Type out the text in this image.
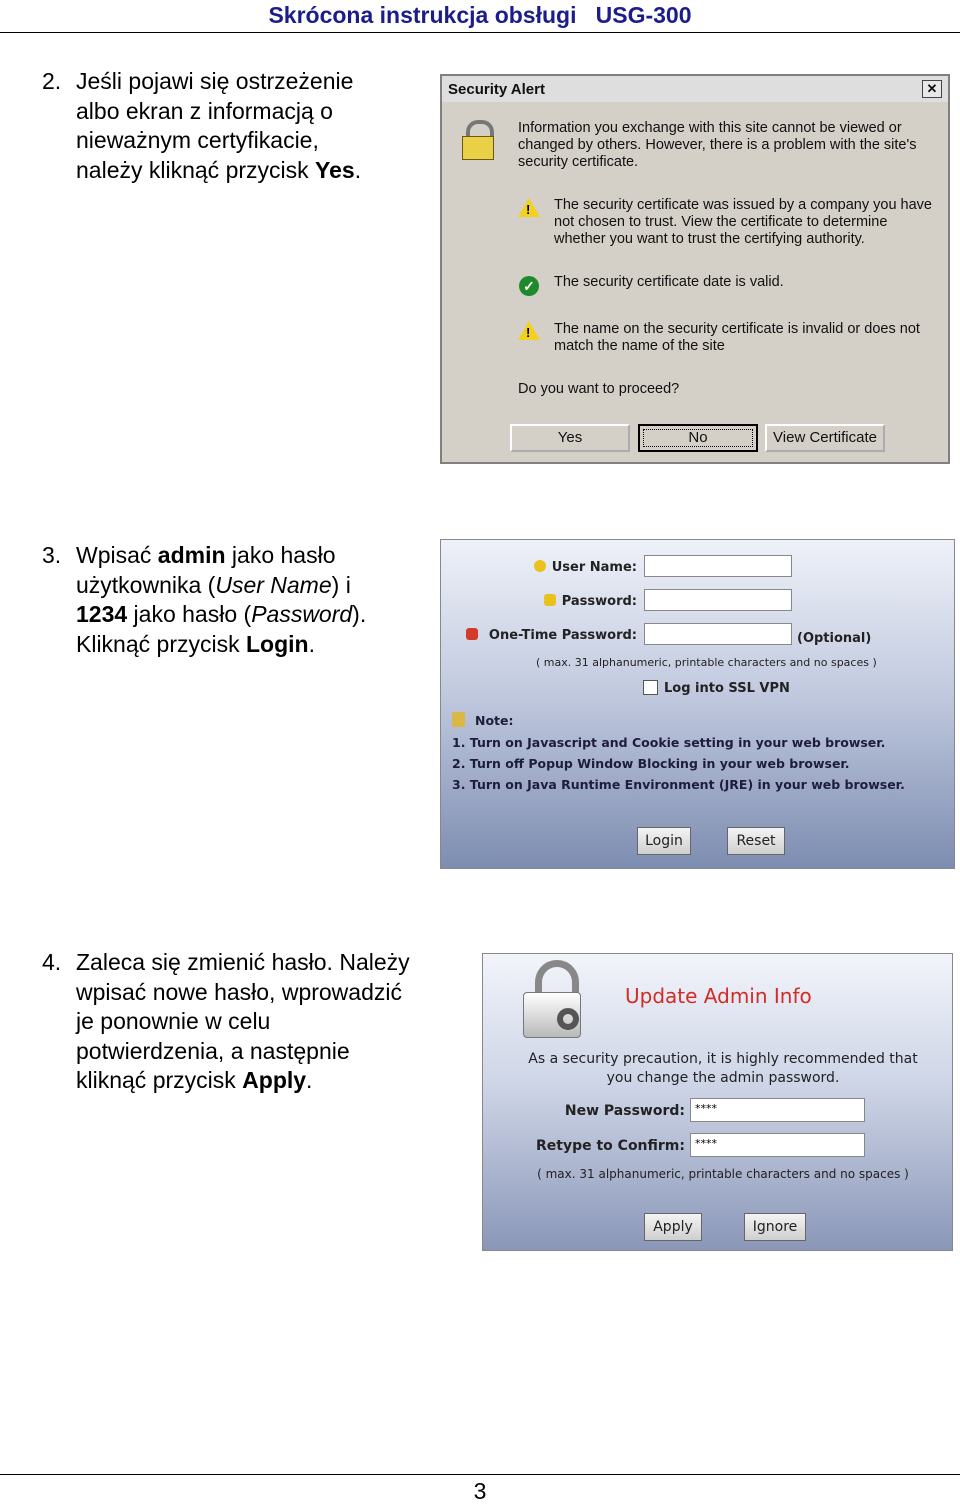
Skrócona instrukcja obsługi   USG-300
2. Jeśli pojawi się ostrzeżenie
albo ekran z informacją o
nieważnym certyfikacie,
należy kliknąć przycisk Yes.
Security Alert	✕
Information you exchange with this site cannot be viewed or changed by others. However, there is a problem with the site's security certificate.
! The security certificate was issued by a company you have not chosen to trust. View the certificate to determine whether you want to trust the certifying authority.
✓ The security certificate date is valid.
! The name on the security certificate is invalid or does not match the name of the site
Do you want to proceed?
Yes	No	View Certificate
3. Wpisać admin jako hasło
użytkownika (User Name) i
1234 jako hasło (Password).
Kliknąć przycisk Login.
User Name:
Password:
One-Time Password:	(Optional)
( max. 31 alphanumeric, printable characters and no spaces )
Log into SSL VPN
Note:
1. Turn on Javascript and Cookie setting in your web browser.
2. Turn off Popup Window Blocking in your web browser.
3. Turn on Java Runtime Environment (JRE) in your web browser.
Login	Reset
4. Zaleca się zmienić hasło. Należy
wpisać nowe hasło, wprowadzić
je ponownie w celu
potwierdzenia, a następnie
kliknąć przycisk Apply.
Update Admin Info
As a security precaution, it is highly recommended that
you change the admin password.
New Password: ****
Retype to Confirm: ****
( max. 31 alphanumeric, printable characters and no spaces )
Apply	Ignore
3
